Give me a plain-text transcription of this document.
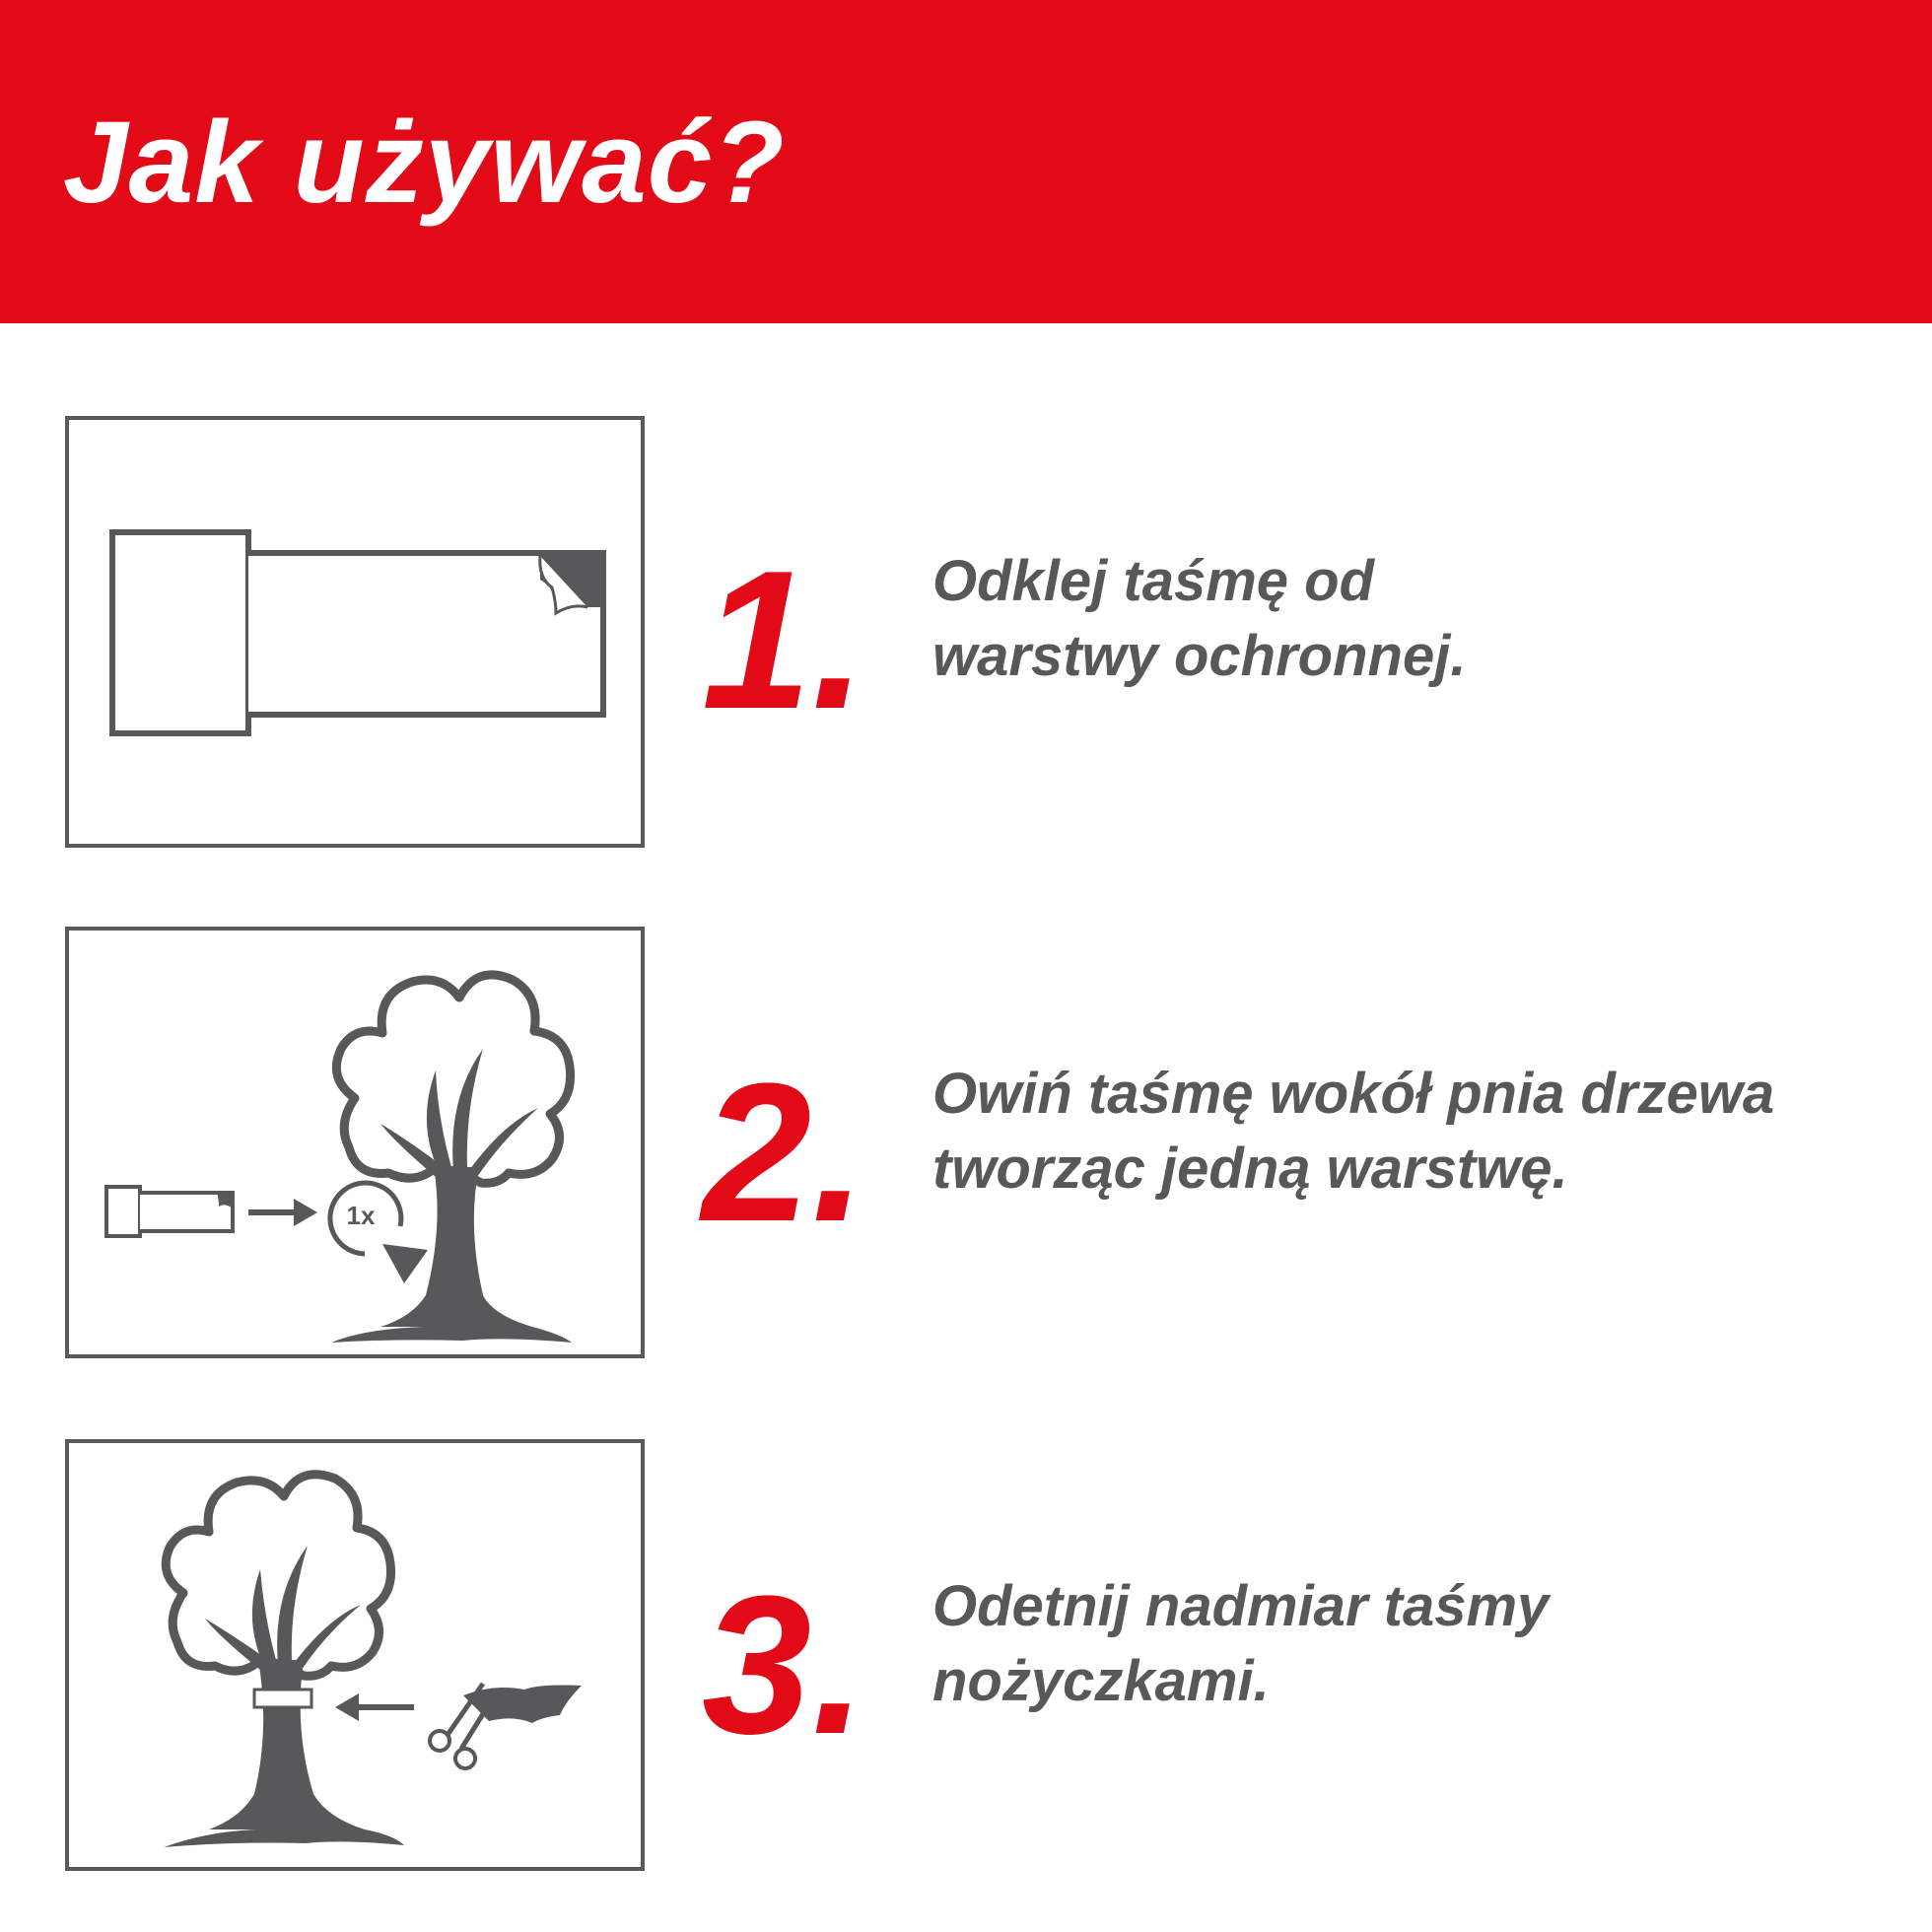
Jak używać?
1. Odklej taśmę od
warstwy ochronnej.
1x 2. Owiń taśmę wokół pnia drzewa
tworząc jedną warstwę.
3. Odetnij nadmiar taśmy
nożyczkami.
